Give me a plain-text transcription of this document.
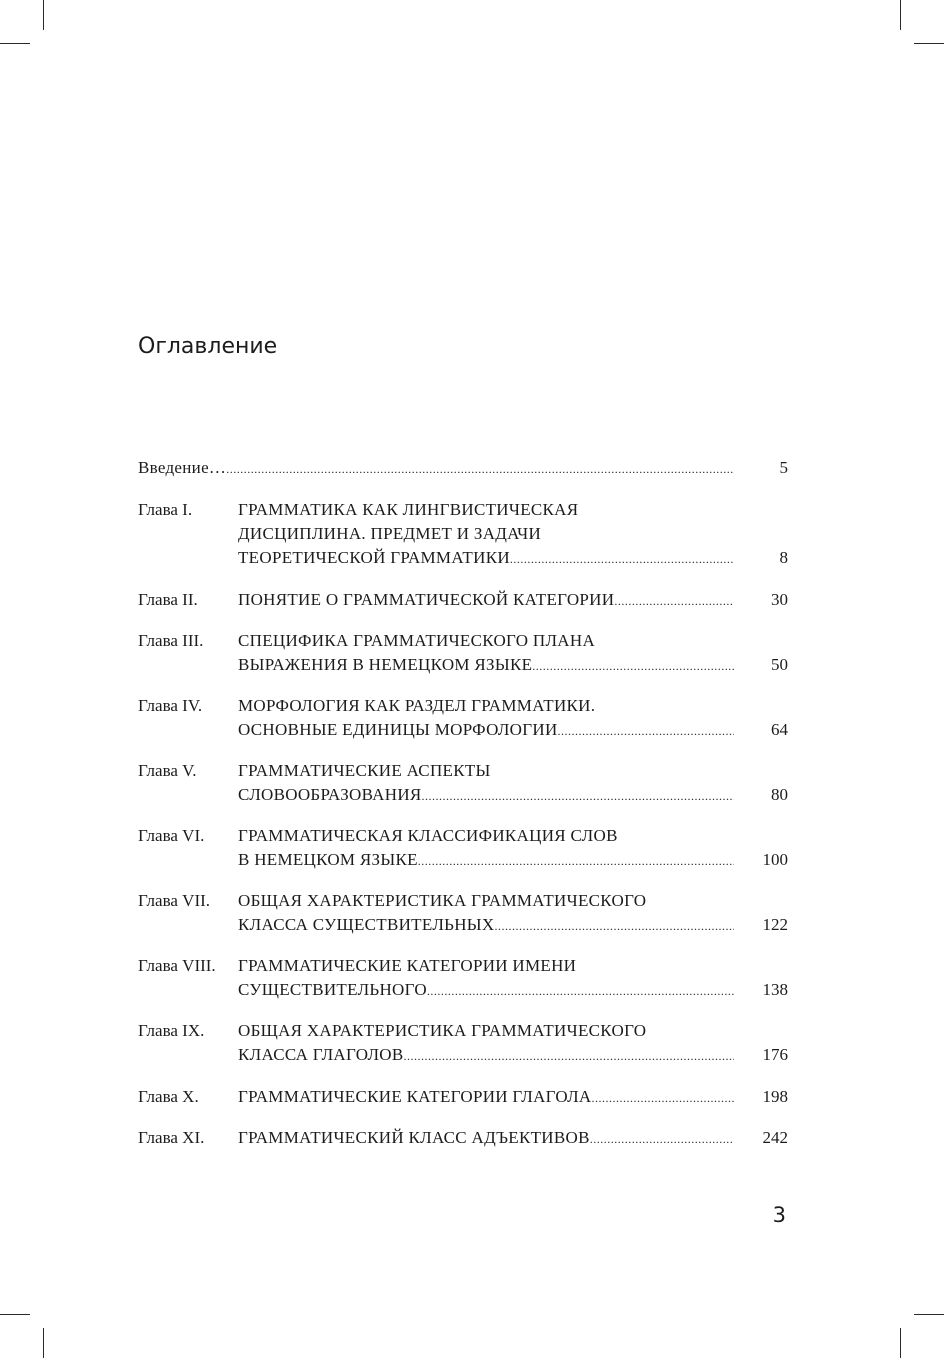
Оглавление
Введение… .....	5
Глава I.	ГРАММАТИКА КАК ЛИНГВИСТИЧЕСКАЯ
ДИСЦИПЛИНА. ПРЕДМЕТ И ЗАДАЧИ
ТЕОРЕТИЧЕСКОЙ ГРАММАТИКИ .....	8
Глава II. ПОНЯТИЕ О ГРАММАТИЧЕСКОЙ КАТЕГОРИИ .....	30
Глава III. СПЕЦИФИКА ГРАММАТИЧЕСКОГО ПЛАНА
ВЫРАЖЕНИЯ В НЕМЕЦКОМ ЯЗЫКЕ .....	50
Глава IV. МОРФОЛОГИЯ КАК РАЗДЕЛ ГРАММАТИКИ.
ОСНОВНЫЕ ЕДИНИЦЫ МОРФОЛОГИИ .....	64
Глава V. ГРАММАТИЧЕСКИЕ АСПЕКТЫ
СЛОВООБРАЗОВАНИЯ .....	80
Глава VI. ГРАММАТИЧЕСКАЯ КЛАССИФИКАЦИЯ СЛОВ
В НЕМЕЦКОМ ЯЗЫКЕ .....	100
Глава VII. ОБЩАЯ ХАРАКТЕРИСТИКА ГРАММАТИЧЕСКОГО
КЛАССА СУЩЕСТВИТЕЛЬНЫХ .....	122
Глава VIII. ГРАММАТИЧЕСКИЕ КАТЕГОРИИ ИМЕНИ
СУЩЕСТВИТЕЛЬНОГО .....	138
Глава IX. ОБЩАЯ ХАРАКТЕРИСТИКА ГРАММАТИЧЕСКОГО
КЛАССА ГЛАГОЛОВ .....	176
Глава X. ГРАММАТИЧЕСКИЕ КАТЕГОРИИ ГЛАГОЛА .....	198
Глава XI. ГРАММАТИЧЕСКИЙ КЛАСС АДЪЕКТИВОВ .....	242
3
